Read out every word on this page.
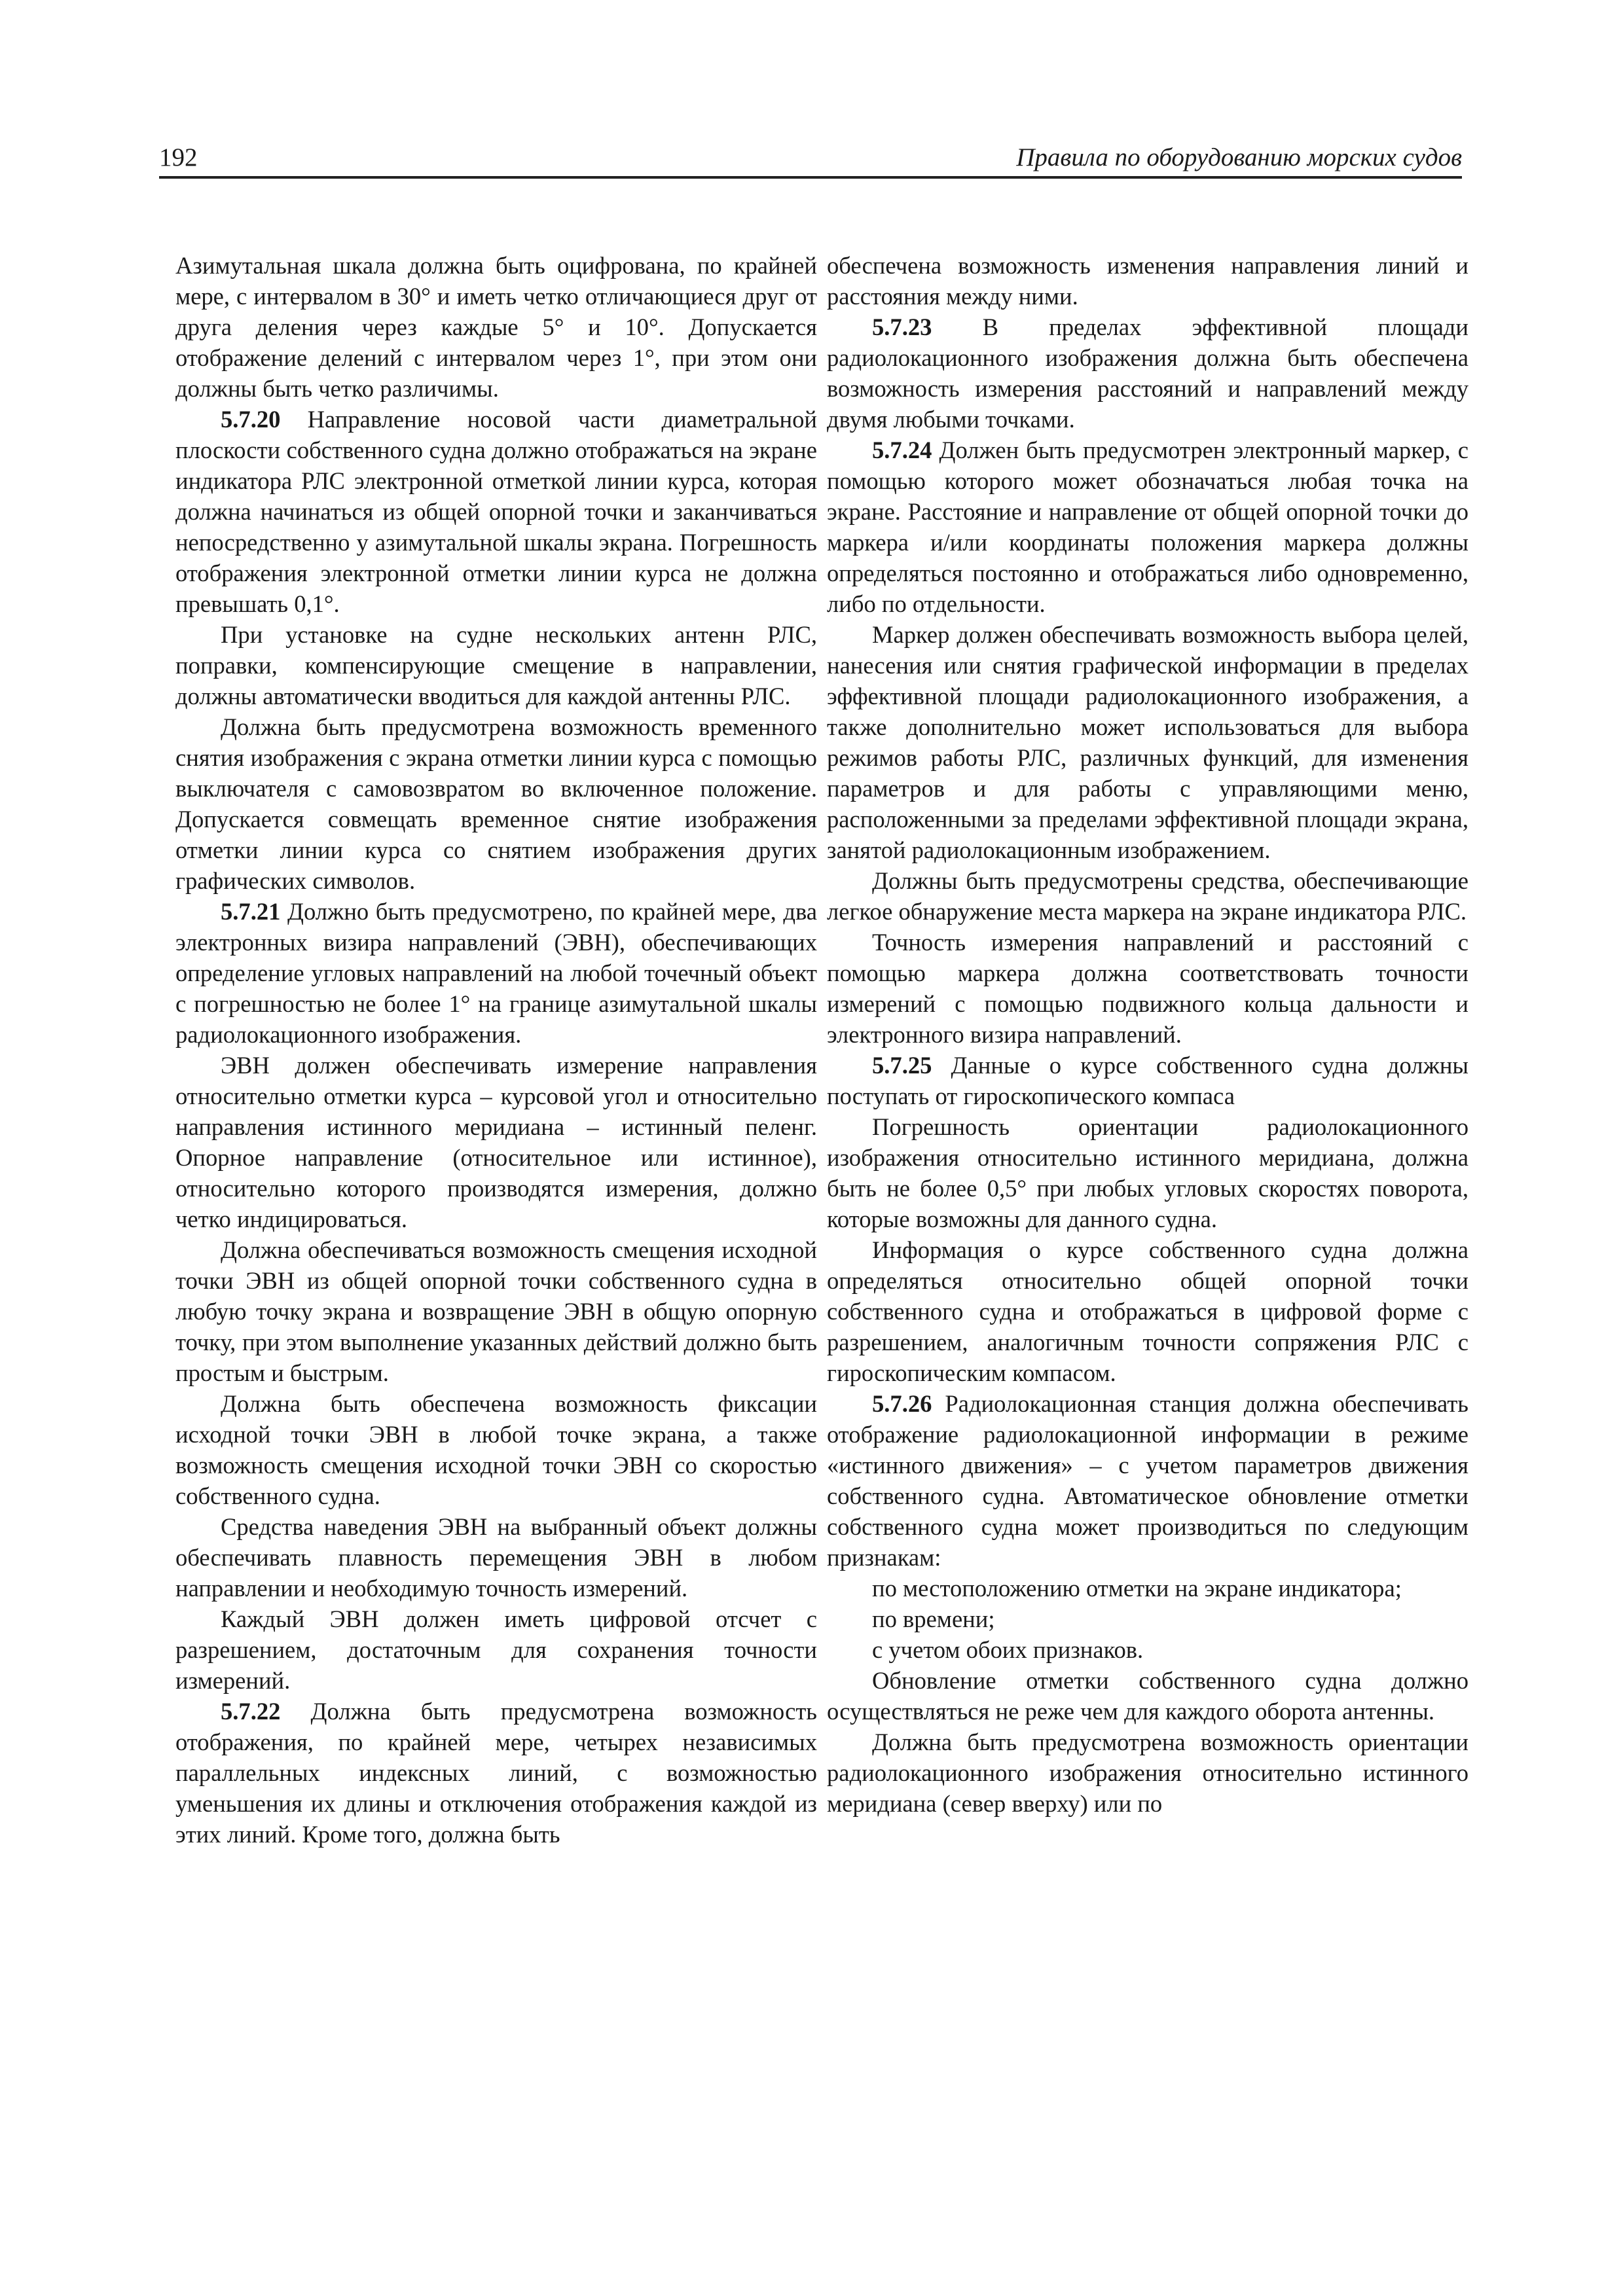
192	Правила по оборудованию морских судов

Азимутальная шкала должна быть оцифрована, по крайней мере, с интервалом в 30° и иметь четко отличающиеся друг от друга деления через каждые 5° и 10°. Допускается отображение делений с интервалом через 1°, при этом они должны быть четко различимы.

5.7.20 Направление носовой части диаметральной плоскости собственного судна должно отображаться на экране индикатора РЛС электронной отметкой линии курса, которая должна начинаться из общей опорной точки и заканчиваться непосредственно у азимутальной шкалы экрана. Погрешность отображения электронной отметки линии курса не должна превышать 0,1°.

При установке на судне нескольких антенн РЛС, поправки, компенсирующие смещение в направлении, должны автоматически вводиться для каждой антенны РЛС.

Должна быть предусмотрена возможность временного снятия изображения с экрана отметки линии курса с помощью выключателя с самовозвратом во включенное положение. Допускается совмещать временное снятие изображения отметки линии курса со снятием изображения других графических символов.

5.7.21 Должно быть предусмотрено, по крайней мере, два электронных визира направлений (ЭВН), обеспечивающих определение угловых направлений на любой точечный объект с погрешностью не более 1° на границе азимутальной шкалы радиолокационного изображения.

ЭВН должен обеспечивать измерение направления относительно отметки курса – курсовой угол и относительно направления истинного меридиана – истинный пеленг. Опорное направление (относительное или истинное), относительно которого производятся измерения, должно четко индицироваться.

Должна обеспечиваться возможность смещения исходной точки ЭВН из общей опорной точки собственного судна в любую точку экрана и возвращение ЭВН в общую опорную точку, при этом выполнение указанных действий должно быть простым и быстрым.

Должна быть обеспечена возможность фиксации исходной точки ЭВН в любой точке экрана, а также возможность смещения исходной точки ЭВН со скоростью собственного судна.

Средства наведения ЭВН на выбранный объект должны обеспечивать плавность перемещения ЭВН в любом направлении и необходимую точность измерений.

Каждый ЭВН должен иметь цифровой отсчет с разрешением, достаточным для сохранения точности измерений.

5.7.22 Должна быть предусмотрена возможность отображения, по крайней мере, четырех независимых параллельных индексных линий, с возможностью уменьшения их длины и отключения отображения каждой из этих линий. Кроме того, должна быть

обеспечена возможность изменения направления линий и расстояния между ними.

5.7.23 В пределах эффективной площади радиолокационного изображения должна быть обеспечена возможность измерения расстояний и направлений между двумя любыми точками.

5.7.24 Должен быть предусмотрен электронный маркер, с помощью которого может обозначаться любая точка на экране. Расстояние и направление от общей опорной точки до маркера и/или координаты положения маркера должны определяться постоянно и отображаться либо одновременно, либо по отдельности.

Маркер должен обеспечивать возможность выбора целей, нанесения или снятия графической информации в пределах эффективной площади радиолокационного изображения, а также дополнительно может использоваться для выбора режимов работы РЛС, различных функций, для изменения параметров и для работы с управляющими меню, расположенными за пределами эффективной площади экрана, занятой радиолокационным изображением.

Должны быть предусмотрены средства, обеспечивающие легкое обнаружение места маркера на экране индикатора РЛС.

Точность измерения направлений и расстояний с помощью маркера должна соответствовать точности измерений с помощью подвижного кольца дальности и электронного визира направлений.

5.7.25 Данные о курсе собственного судна должны поступать от гироскопического компаса

Погрешность ориентации радиолокационного изображения относительно истинного меридиана, должна быть не более 0,5° при любых угловых скоростях поворота, которые возможны для данного судна.

Информация о курсе собственного судна должна определяться относительно общей опорной точки собственного судна и отображаться в цифровой форме с разрешением, аналогичным точности сопряжения РЛС с гироскопическим компасом.

5.7.26 Радиолокационная станция должна обеспечивать отображение радиолокационной информации в режиме «истинного движения» – с учетом параметров движения собственного судна. Автоматическое обновление отметки собственного судна может производиться по следующим признакам:

по местоположению отметки на экране индикатора;

по времени;

с учетом обоих признаков.

Обновление отметки собственного судна должно осуществляться не реже чем для каждого оборота антенны.

Должна быть предусмотрена возможность ориентации радиолокационного изображения относительно истинного меридиана (север вверху) или по
